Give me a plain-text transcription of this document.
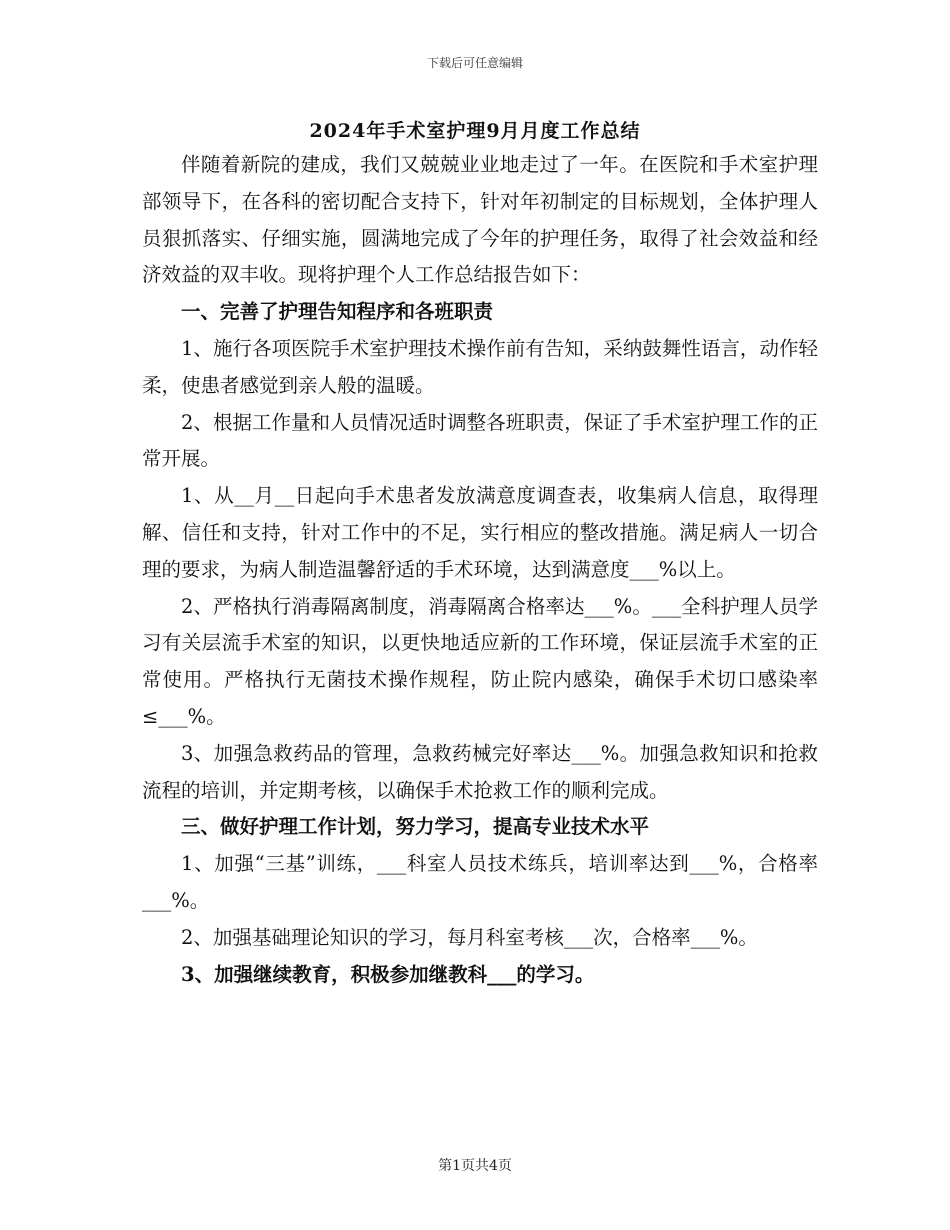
下载后可任意编辑
2024年手术室护理9月月度工作总结

伴随着新院的建成，我们又兢兢业业地走过了一年。在医院和手术室护理部领导下，在各科的密切配合支持下，针对年初制定的目标规划，全体护理人员狠抓落实、仔细实施，圆满地完成了今年的护理任务，取得了社会效益和经济效益的双丰收。现将护理个人工作总结报告如下：

一、完善了护理告知程序和各班职责

1、施行各项医院手术室护理技术操作前有告知，采纳鼓舞性语言，动作轻柔，使患者感觉到亲人般的温暖。

2、根据工作量和人员情况适时调整各班职责，保证了手术室护理工作的正常开展。

1、从__月__日起向手术患者发放满意度调查表，收集病人信息，取得理解、信任和支持，针对工作中的不足，实行相应的整改措施。满足病人一切合理的要求，为病人制造温馨舒适的手术环境，达到满意度___%以上。

2、严格执行消毒隔离制度，消毒隔离合格率达___%。___全科护理人员学习有关层流手术室的知识，以更快地适应新的工作环境，保证层流手术室的正常使用。严格执行无菌技术操作规程，防止院内感染，确保手术切口感染率≤___%。

3、加强急救药品的管理，急救药械完好率达___%。加强急救知识和抢救流程的培训，并定期考核，以确保手术抢救工作的顺利完成。

三、做好护理工作计划，努力学习，提高专业技术水平

1、加强“三基”训练，___科室人员技术练兵，培训率达到___%，合格率___%。

2、加强基础理论知识的学习，每月科室考核___次，合格率___%。

3、加强继续教育，积极参加继教科___的学习。

第1页共4页
